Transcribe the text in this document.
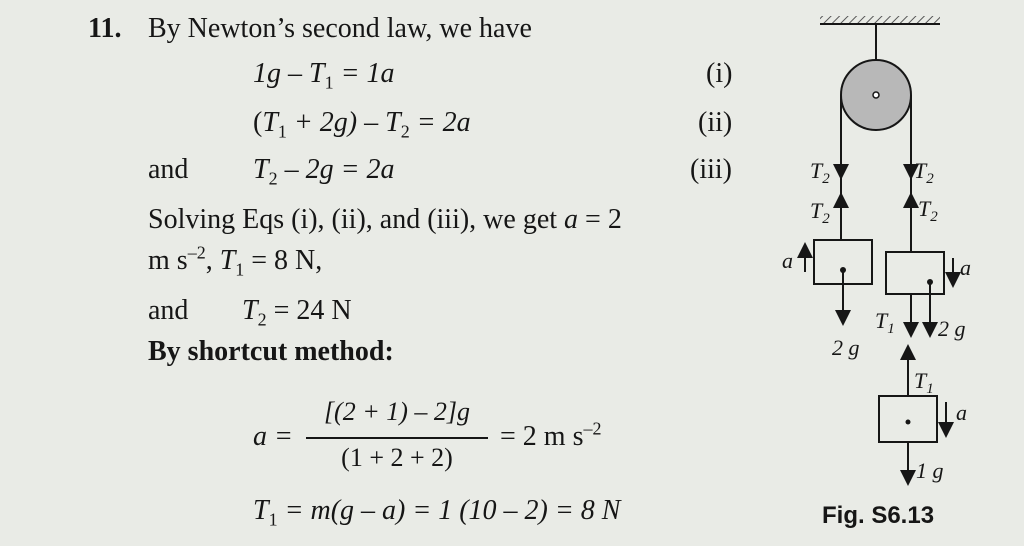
11. By Newton’s second law, we have
$1g - T_1 = 1a$	(i)
$(T_1 + 2g) - T_2 = 2a$	(ii)
and $T_2 - 2g = 2a$	(iii)
Solving Eqs (i), (ii), and (iii), we get a = 2
m $s^{-2}$, $T_1 = 8$ N,
and $T_2 = 24$ N
By shortcut method:
a =
[(2 + 1) – 2]g
(1 + 2 + 2)
= 2 m $s^{-2}$
$T_1 = m(g - a) = 1$ (10 – 2) = 8 N
$T_2$	$T_2$
$T_2$	$T_2$
2 g
a	a
$T_1$ 2 g
$T_1$
a
1 g
Fig. S6.13
